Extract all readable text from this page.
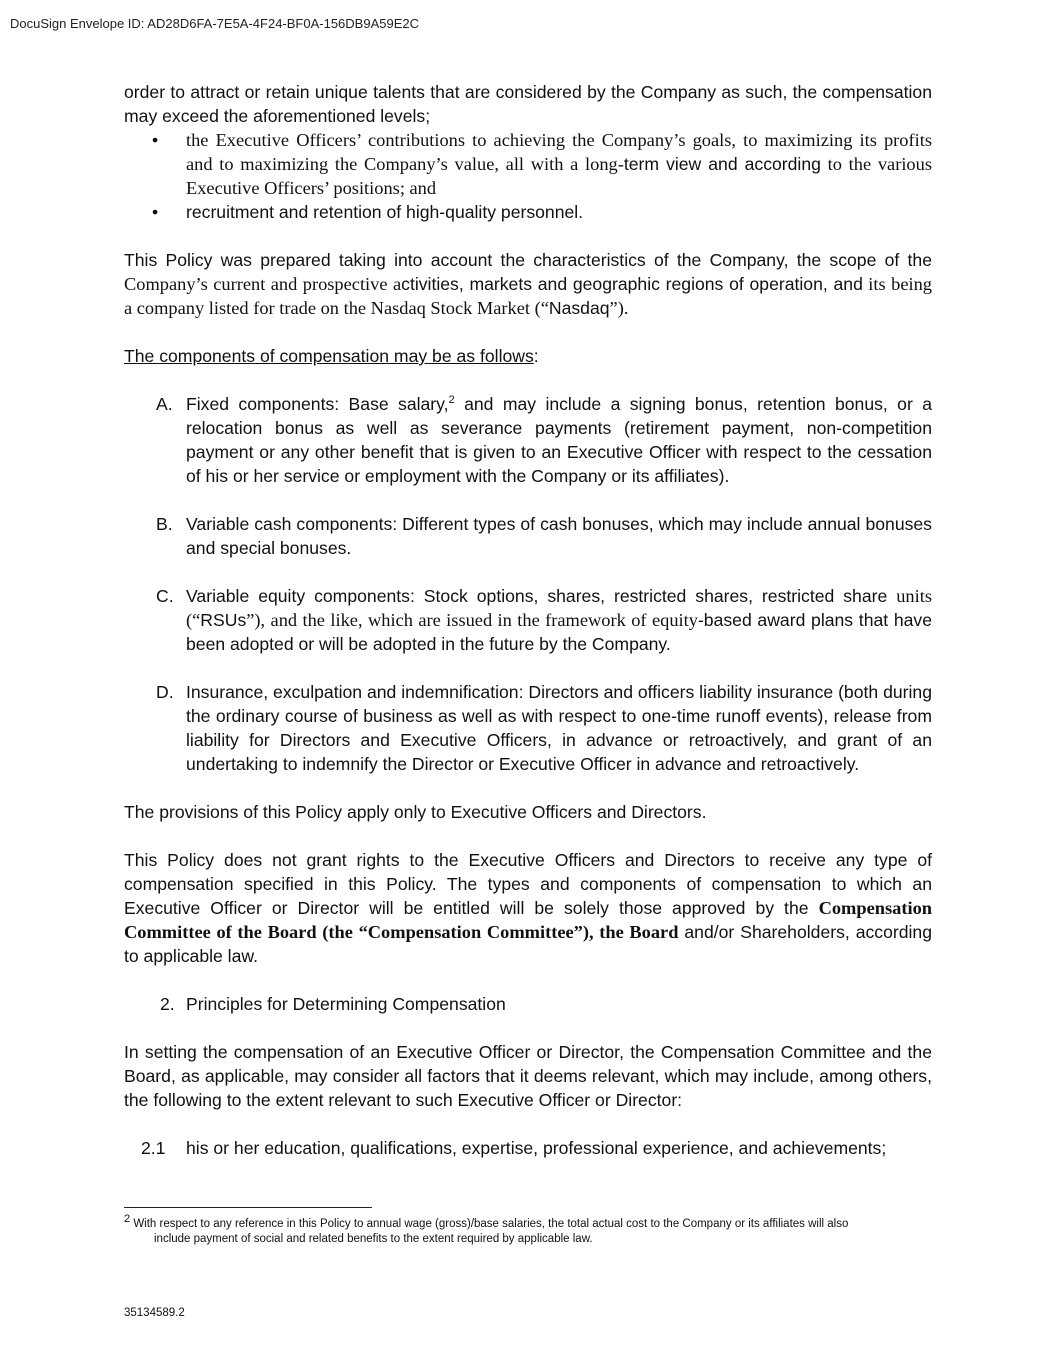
DocuSign Envelope ID: AD28D6FA-7E5A-4F24-BF0A-156DB9A59E2C

order to attract or retain unique talents that are considered by the Company as such, the compensation may exceed the aforementioned levels;

• the Executive Officers’ contributions to achieving the Company’s goals, to maximizing its profits and to maximizing the Company’s value, all with a long-term view and according to the various Executive Officers’ positions; and

• recruitment and retention of high-quality personnel.

This Policy was prepared taking into account the characteristics of the Company, the scope of the Company’s current and prospective activities, markets and geographic regions of operation, and its being a company listed for trade on the Nasdaq Stock Market (“Nasdaq”).

The components of compensation may be as follows:

A. Fixed components: Base salary,$^2$ and may include a signing bonus, retention bonus, or a relocation bonus as well as severance payments (retirement payment, non-competition payment or any other benefit that is given to an Executive Officer with respect to the cessation of his or her service or employment with the Company or its affiliates).

B. Variable cash components: Different types of cash bonuses, which may include annual bonuses and special bonuses.

C. Variable equity components: Stock options, shares, restricted shares, restricted share units (“RSUs”), and the like, which are issued in the framework of equity-based award plans that have been adopted or will be adopted in the future by the Company.

D. Insurance, exculpation and indemnification: Directors and officers liability insurance (both during the ordinary course of business as well as with respect to one-time runoff events), release from liability for Directors and Executive Officers, in advance or retroactively, and grant of an undertaking to indemnify the Director or Executive Officer in advance and retroactively.

The provisions of this Policy apply only to Executive Officers and Directors.

This Policy does not grant rights to the Executive Officers and Directors to receive any type of compensation specified in this Policy. The types and components of compensation to which an Executive Officer or Director will be entitled will be solely those approved by the Compensation Committee of the Board (the “Compensation Committee”), the Board and/or Shareholders, according to applicable law.

2. Principles for Determining Compensation

In setting the compensation of an Executive Officer or Director, the Compensation Committee and the Board, as applicable, may consider all factors that it deems relevant, which may include, among others, the following to the extent relevant to such Executive Officer or Director:

2.1 his or her education, qualifications, expertise, professional experience, and achievements;

$^2$ With respect to any reference in this Policy to annual wage (gross)/base salaries, the total actual cost to the Company or its affiliates will also
include payment of social and related benefits to the extent required by applicable law.
35134589.2
